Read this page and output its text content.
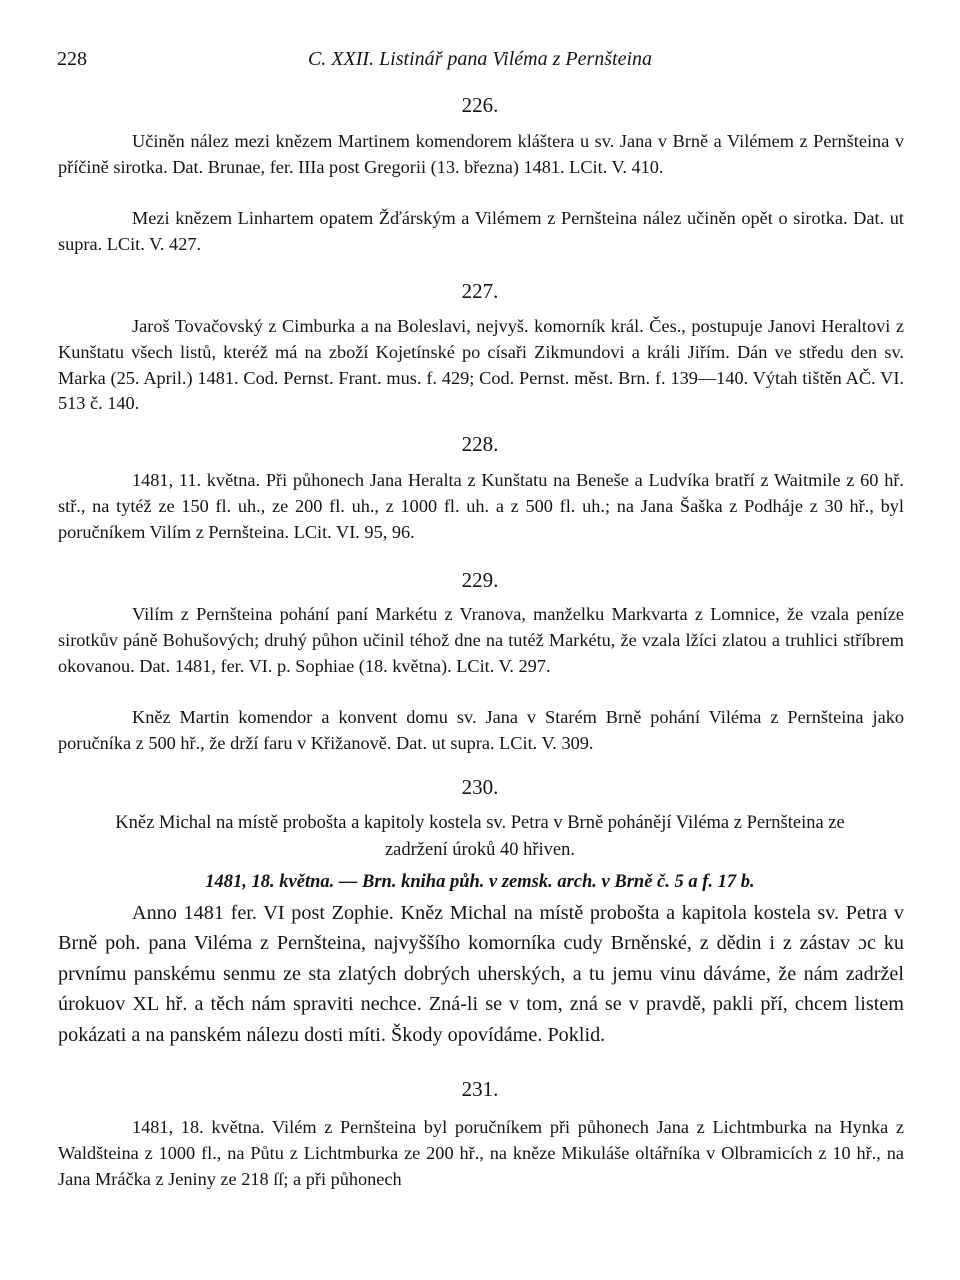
228	C. XXII. Listinář pana Viléma z Pernšteina
226.

Učiněn nález mezi knězem Martinem komendorem kláštera u sv. Jana v Brně a Vilémem z Pernšteina v příčině sirotka. Dat. Brunae, fer. IIIa post Gregorii (13. března) 1481. LCit. V. 410.

Mezi knězem Linhartem opatem Žďárským a Vilémem z Pernšteina nález učiněn opět o sirotka. Dat. ut supra. LCit. V. 427.

227.

Jaroš Tovačovský z Cimburka a na Boleslavi, nejvyš. komorník král. Čes., postupuje Janovi Heraltovi z Kunštatu všech listů, kteréž má na zboží Kojetínské po císaři Zikmundovi a králi Jiřím. Dán ve středu den sv. Marka (25. April.) 1481. Cod. Pernst. Frant. mus. f. 429; Cod. Pernst. měst. Brn. f. 139—140. Výtah tištěn AČ. VI. 513 č. 140.

228.

1481, 11. května. Při půhonech Jana Heralta z Kunštatu na Beneše a Ludvíka bratří z Waitmile z 60 hř. stř., na tytéž ze 150 fl. uh., ze 200 fl. uh., z 1000 fl. uh. a z 500 fl. uh.; na Jana Šaška z Podhájе z 30 hř., byl poručníkem Vilím z Pernšteina. LCit. VI. 95, 96.

229.

Vilím z Pernšteina pohání paní Markétu z Vranova, manželku Markvarta z Lomnice, že vzala peníze sirotkův páně Bohušových; druhý půhon učinil téhož dne na tutéž Markétu, že vzala lžíci zlatou a truhlici stříbrem okovanou. Dat. 1481, fer. VI. p. Sophiae (18. května). LCit. V. 297.

Kněz Martin komendor a konvent domu sv. Jana v Starém Brně pohání Viléma z Pernšteina jako poručníka z 500 hř., že drží faru v Křižanově. Dat. ut supra. LCit. V. 309.

230.

Kněz Michal na místě probošta a kapitoly kostela sv. Petra v Brně pohánějí Viléma z Pernšteina ze zadržení úroků 40 hřiven.

1481, 18. května. — Brn. kniha půh. v zemsk. arch. v Brně č. 5 a f. 17 b.

Anno 1481 fer. VI post Zophie. Kněz Michal na místě probošta a kapitola kostela sv. Petra v Brně poh. pana Viléma z Pernšteina, najvyššího komorníka cudy Brněnské, z dědin i z zástav ɔc ku prvnímu panskému senmu ze sta zlatých dobrých uherských, a tu jemu vinu dáváme, že nám zadržel úrokuov XL hř. a těch nám spraviti nechce. Zná-li se v tom, zná se v pravdě, pakli pří, chcem listem pokázati a na panském nálezu dosti míti. Škody opovídáme. Poklid.

231.

1481, 18. května. Vilém z Pernšteina byl poručníkem při půhonech Jana z Lichtmburka na Hynka z Waldšteina z 1000 fl., na Půtu z Lichtmburka ze 200 hř., na kněze Mikuláše oltářníka v Olbramicích z 10 hř., na Jana Mráčka z Jeniny ze 218 ſſ; a při půhonech
